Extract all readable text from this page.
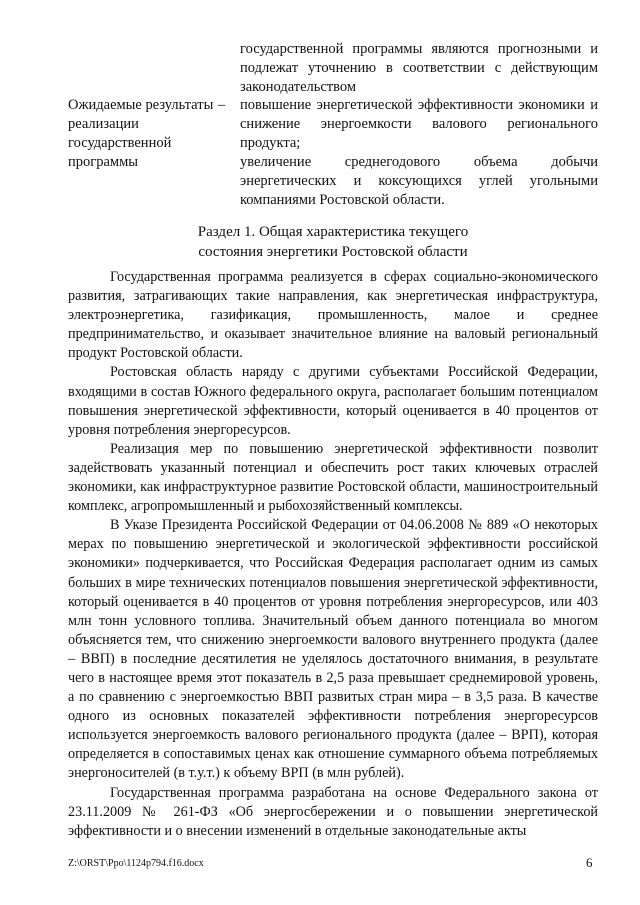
государственной программы являются прогнозными и подлежат уточнению в соответствии с действующим законодательством
Ожидаемые результаты реализации государственной программы
– повышение энергетической эффективности экономики и снижение энергоемкости валового регионального продукта;

увеличение среднегодового объема добычи энергетических и коксующихся углей угольными компаниями Ростовской области.

Раздел 1. Общая характеристика текущего
состояния энергетики Ростовской области

Государственная программа реализуется в сферах социально-экономического развития, затрагивающих такие направления, как энергетическая инфраструктура, электроэнергетика, газификация, промышленность, малое и среднее предпринимательство, и оказывает значительное влияние на валовый региональный продукт Ростовской области.

Ростовская область наряду с другими субъектами Российской Федерации, входящими в состав Южного федерального округа, располагает большим потенциалом повышения энергетической эффективности, который оценивается в 40 процентов от уровня потребления энергоресурсов.

Реализация мер по повышению энергетической эффективности позволит задействовать указанный потенциал и обеспечить рост таких ключевых отраслей экономики, как инфраструктурное развитие Ростовской области, машиностроительный комплекс, агропромышленный и рыбохозяйственный комплексы.

В Указе Президента Российской Федерации от 04.06.2008 № 889 «О некоторых мерах по повышению энергетической и экологической эффективности российской экономики» подчеркивается, что Российская Федерация располагает одним из самых больших в мире технических потенциалов повышения энергетической эффективности, который оценивается в 40 процентов от уровня потребления энергоресурсов, или 403 млн тонн условного топлива. Значительный объем данного потенциала во многом объясняется тем, что снижению энергоемкости валового внутреннего продукта (далее – ВВП) в последние десятилетия не уделялось достаточного внимания, в результате чего в настоящее время этот показатель в 2,5 раза превышает среднемировой уровень, а по сравнению с энергоемкостью ВВП развитых стран мира – в 3,5 раза. В качестве одного из основных показателей эффективности потребления энергоресурсов используется энергоемкость валового регионального продукта (далее – ВРП), которая определяется в сопоставимых ценах как отношение суммарного объема потребляемых энергоносителей (в т.у.т.) к объему ВРП (в млн рублей).

Государственная программа разработана на основе Федерального закона от 23.11.2009 № 261-ФЗ «Об энергосбережении и о повышении энергетической эффективности и о внесении изменений в отдельные законодательные акты

Z:\ORST\Ppo\1124p794.f16.docx	6
